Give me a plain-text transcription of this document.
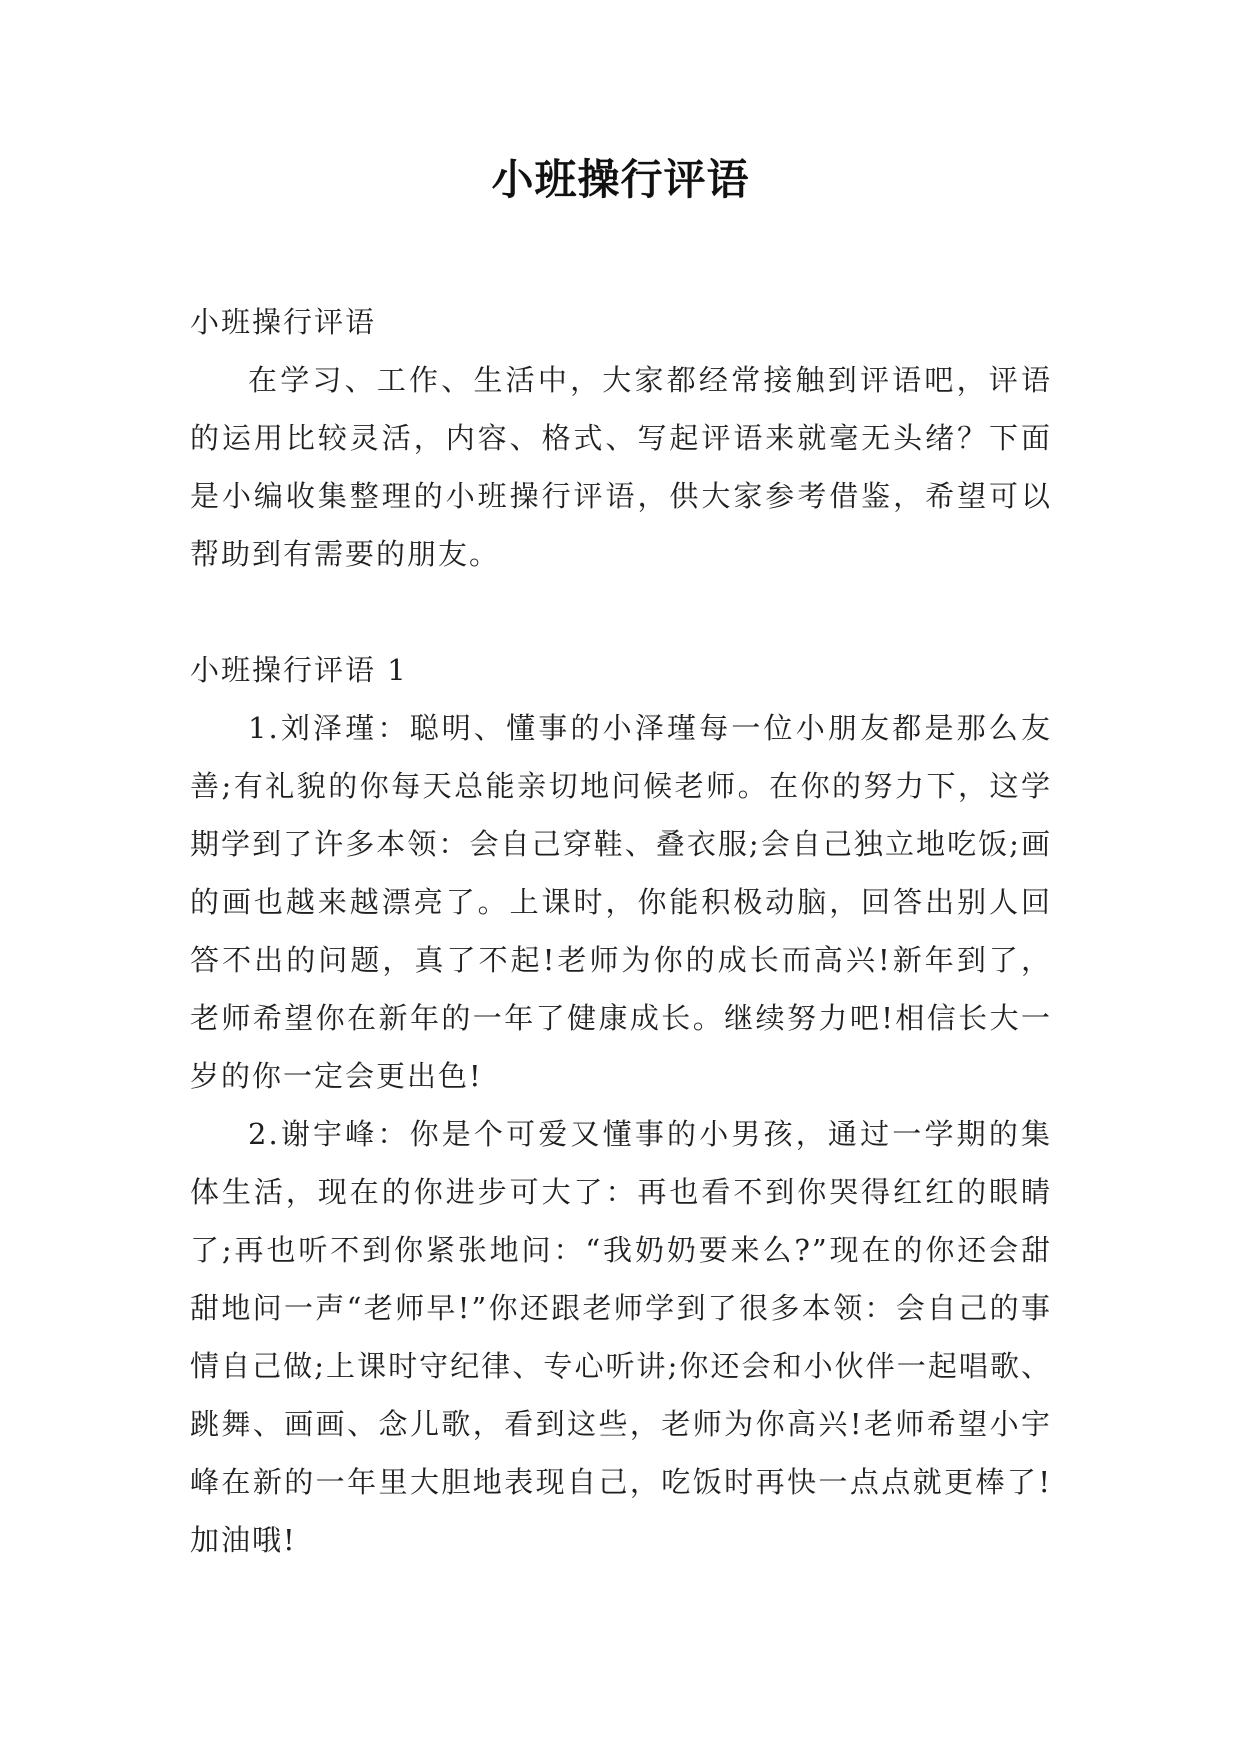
小班操行评语

小班操行评语

在学习、工作、生活中，大家都经常接触到评语吧，评语的运用比较灵活，内容、格式、写起评语来就毫无头绪？下面是小编收集整理的小班操行评语，供大家参考借鉴，希望可以帮助到有需要的朋友。

小班操行评语 1

1.刘泽瑾：聪明、懂事的小泽瑾每一位小朋友都是那么友善;有礼貌的你每天总能亲切地问候老师。在你的努力下，这学期学到了许多本领：会自己穿鞋、叠衣服;会自己独立地吃饭;画的画也越来越漂亮了。上课时，你能积极动脑，回答出别人回答不出的问题，真了不起!老师为你的成长而高兴!新年到了，老师希望你在新年的一年了健康成长。继续努力吧!相信长大一岁的你一定会更出色!

2.谢宇峰：你是个可爱又懂事的小男孩，通过一学期的集体生活，现在的你进步可大了：再也看不到你哭得红红的眼睛了;再也听不到你紧张地问：“我奶奶要来么?”现在的你还会甜甜地问一声“老师早!”你还跟老师学到了很多本领：会自己的事情自己做;上课时守纪律、专心听讲;你还会和小伙伴一起唱歌、跳舞、画画、念儿歌，看到这些，老师为你高兴!老师希望小宇峰在新的一年里大胆地表现自己，吃饭时再快一点点就更棒了!加油哦!
